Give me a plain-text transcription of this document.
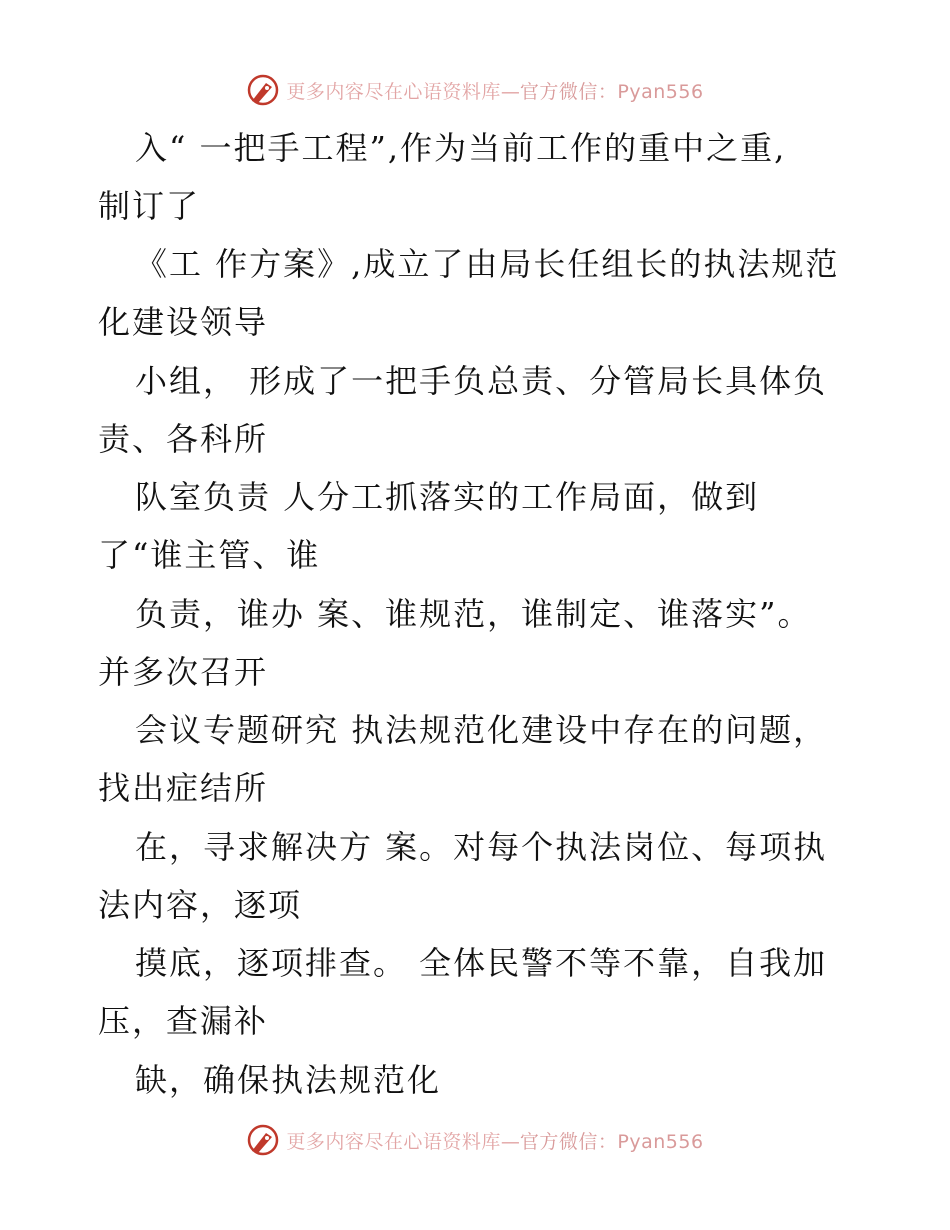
更多内容尽在心语资料库—官方微信：Pyan556
入“ 一把手工程”,作为当前工作的重中之重,
制订了
《工 作方案》,成立了由局长任组长的执法规范
化建设领导
小组， 形成了一把手负总责、分管局长具体负
责、各科所
队室负责 人分工抓落实的工作局面，做到
了“谁主管、谁
负责，谁办 案、谁规范，谁制定、谁落实”。
并多次召开
会议专题研究 执法规范化建设中存在的问题，
找出症结所
在，寻求解决方 案。对每个执法岗位、每项执
法内容，逐项
摸底，逐项排查。 全体民警不等不靠，自我加
压，查漏补
缺，确保执法规范化
更多内容尽在心语资料库—官方微信：Pyan556
